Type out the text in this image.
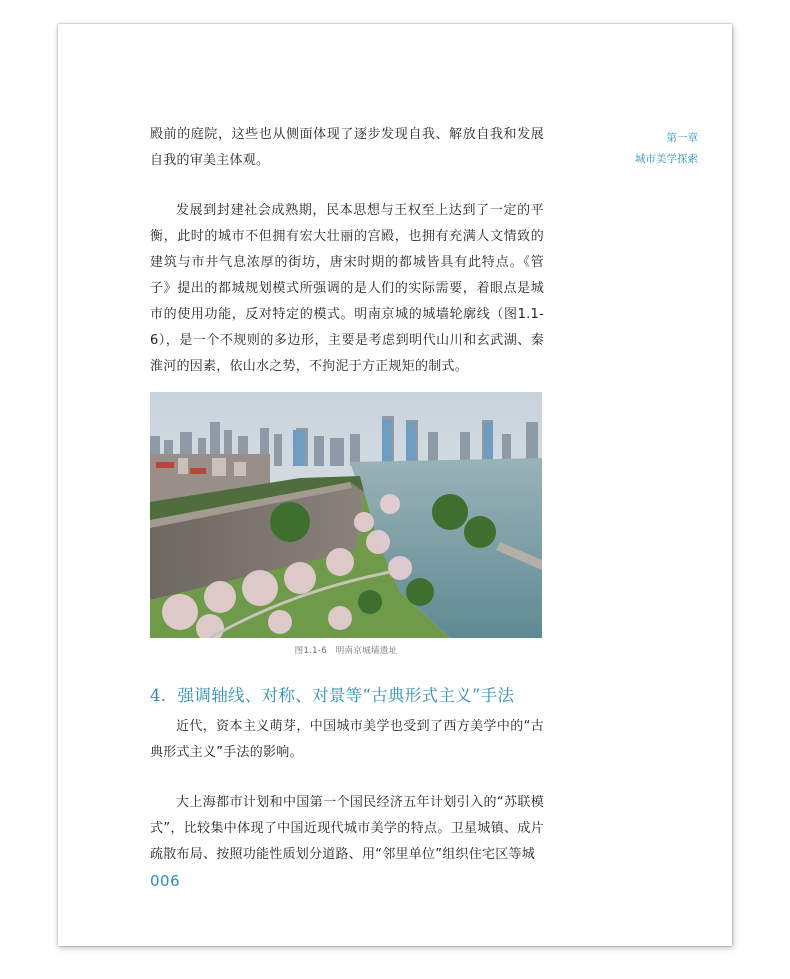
第一章
城市美学探索

殿前的庭院，这些也从侧面体现了逐步发现自我、解放自我和发展自我的审美主体观。

发展到封建社会成熟期，民本思想与王权至上达到了一定的平衡，此时的城市不但拥有宏大壮丽的宫殿，也拥有充满人文情致的建筑与市井气息浓厚的街坊，唐宋时期的都城皆具有此特点。《管子》提出的都城规划模式所强调的是人们的实际需要，着眼点是城市的使用功能，反对特定的模式。明南京城的城墙轮廓线（图1.1-6），是一个不规则的多边形，主要是考虑到明代山川和玄武湖、秦淮河的因素，依山水之势，不拘泥于方正规矩的制式。

图1.1-6　明南京城墙遗址
4．强调轴线、对称、对景等“古典形式主义”手法

近代，资本主义萌芽，中国城市美学也受到了西方美学中的“古典形式主义”手法的影响。

大上海都市计划和中国第一个国民经济五年计划引入的“苏联模式”，比较集中体现了中国近现代城市美学的特点。卫星城镇、成片疏散布局、按照功能性质划分道路、用“邻里单位”组织住宅区等城

006
